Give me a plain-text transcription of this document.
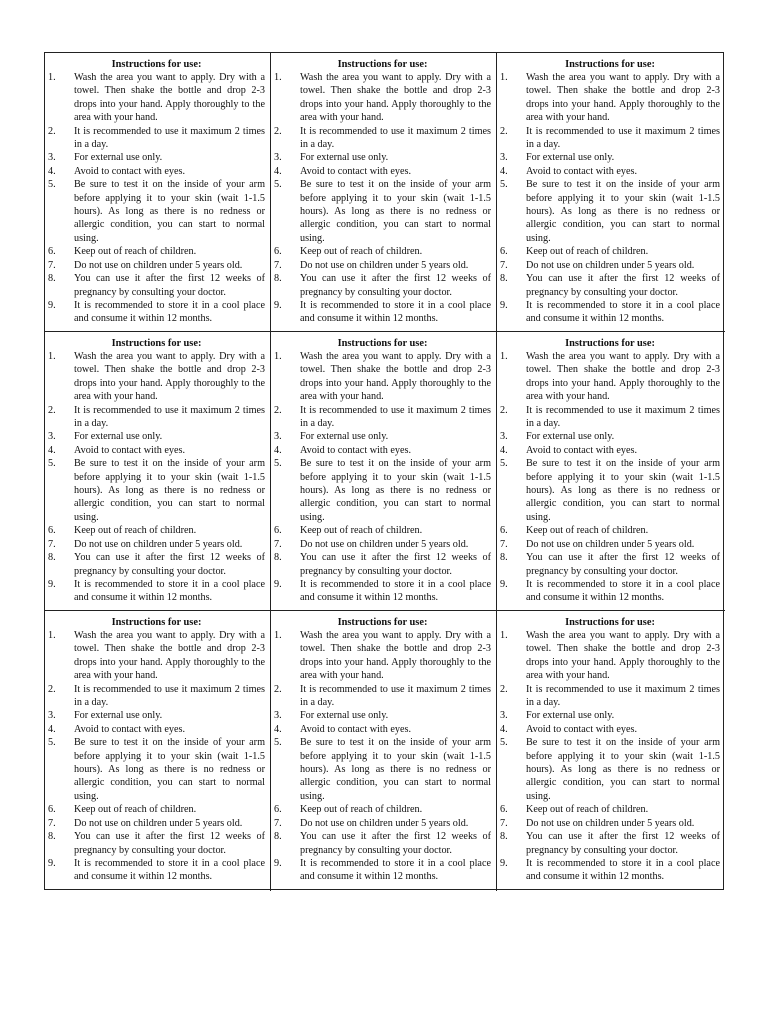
Instructions for use:
1.	Wash the area you want to apply. Dry with a towel. Then shake the bottle and drop 2-3 drops into your hand. Apply thoroughly to the area with your hand.
2.	It is recommended to use it maximum 2 times in a day.
3.	For external use only.
4.	Avoid to contact with eyes.
5.	Be sure to test it on the inside of your arm before applying it to your skin (wait 1-1.5 hours). As long as there is no redness or allergic condition, you can start to normal using.
6.	Keep out of reach of children.
7.	Do not use on children under 5 years old.
8.	You can use it after the first 12 weeks of pregnancy by consulting your doctor.
9.	It is recommended to store it in a cool place and consume it within 12 months.
Instructions for use:
1.	Wash the area you want to apply. Dry with a towel. Then shake the bottle and drop 2-3 drops into your hand. Apply thoroughly to the area with your hand.
2.	It is recommended to use it maximum 2 times in a day.
3.	For external use only.
4.	Avoid to contact with eyes.
5.	Be sure to test it on the inside of your arm before applying it to your skin (wait 1-1.5 hours). As long as there is no redness or allergic condition, you can start to normal using.
6.	Keep out of reach of children.
7.	Do not use on children under 5 years old.
8.	You can use it after the first 12 weeks of pregnancy by consulting your doctor.
9.	It is recommended to store it in a cool place and consume it within 12 months.
Instructions for use:
1.	Wash the area you want to apply. Dry with a towel. Then shake the bottle and drop 2-3 drops into your hand. Apply thoroughly to the area with your hand.
2.	It is recommended to use it maximum 2 times in a day.
3.	For external use only.
4.	Avoid to contact with eyes.
5.	Be sure to test it on the inside of your arm before applying it to your skin (wait 1-1.5 hours). As long as there is no redness or allergic condition, you can start to normal using.
6.	Keep out of reach of children.
7.	Do not use on children under 5 years old.
8.	You can use it after the first 12 weeks of pregnancy by consulting your doctor.
9.	It is recommended to store it in a cool place and consume it within 12 months.
Instructions for use:
1.	Wash the area you want to apply. Dry with a towel. Then shake the bottle and drop 2-3 drops into your hand. Apply thoroughly to the area with your hand.
2.	It is recommended to use it maximum 2 times in a day.
3.	For external use only.
4.	Avoid to contact with eyes.
5.	Be sure to test it on the inside of your arm before applying it to your skin (wait 1-1.5 hours). As long as there is no redness or allergic condition, you can start to normal using.
6.	Keep out of reach of children.
7.	Do not use on children under 5 years old.
8.	You can use it after the first 12 weeks of pregnancy by consulting your doctor.
9.	It is recommended to store it in a cool place and consume it within 12 months.
Instructions for use:
1.	Wash the area you want to apply. Dry with a towel. Then shake the bottle and drop 2-3 drops into your hand. Apply thoroughly to the area with your hand.
2.	It is recommended to use it maximum 2 times in a day.
3.	For external use only.
4.	Avoid to contact with eyes.
5.	Be sure to test it on the inside of your arm before applying it to your skin (wait 1-1.5 hours). As long as there is no redness or allergic condition, you can start to normal using.
6.	Keep out of reach of children.
7.	Do not use on children under 5 years old.
8.	You can use it after the first 12 weeks of pregnancy by consulting your doctor.
9.	It is recommended to store it in a cool place and consume it within 12 months.
Instructions for use:
1.	Wash the area you want to apply. Dry with a towel. Then shake the bottle and drop 2-3 drops into your hand. Apply thoroughly to the area with your hand.
2.	It is recommended to use it maximum 2 times in a day.
3.	For external use only.
4.	Avoid to contact with eyes.
5.	Be sure to test it on the inside of your arm before applying it to your skin (wait 1-1.5 hours). As long as there is no redness or allergic condition, you can start to normal using.
6.	Keep out of reach of children.
7.	Do not use on children under 5 years old.
8.	You can use it after the first 12 weeks of pregnancy by consulting your doctor.
9.	It is recommended to store it in a cool place and consume it within 12 months.
Instructions for use:
1.	Wash the area you want to apply. Dry with a towel. Then shake the bottle and drop 2-3 drops into your hand. Apply thoroughly to the area with your hand.
2.	It is recommended to use it maximum 2 times in a day.
3.	For external use only.
4.	Avoid to contact with eyes.
5.	Be sure to test it on the inside of your arm before applying it to your skin (wait 1-1.5 hours). As long as there is no redness or allergic condition, you can start to normal using.
6.	Keep out of reach of children.
7.	Do not use on children under 5 years old.
8.	You can use it after the first 12 weeks of pregnancy by consulting your doctor.
9.	It is recommended to store it in a cool place and consume it within 12 months.
Instructions for use:
1.	Wash the area you want to apply. Dry with a towel. Then shake the bottle and drop 2-3 drops into your hand. Apply thoroughly to the area with your hand.
2.	It is recommended to use it maximum 2 times in a day.
3.	For external use only.
4.	Avoid to contact with eyes.
5.	Be sure to test it on the inside of your arm before applying it to your skin (wait 1-1.5 hours). As long as there is no redness or allergic condition, you can start to normal using.
6.	Keep out of reach of children.
7.	Do not use on children under 5 years old.
8.	You can use it after the first 12 weeks of pregnancy by consulting your doctor.
9.	It is recommended to store it in a cool place and consume it within 12 months.
Instructions for use:
1.	Wash the area you want to apply. Dry with a towel. Then shake the bottle and drop 2-3 drops into your hand. Apply thoroughly to the area with your hand.
2.	It is recommended to use it maximum 2 times in a day.
3.	For external use only.
4.	Avoid to contact with eyes.
5.	Be sure to test it on the inside of your arm before applying it to your skin (wait 1-1.5 hours). As long as there is no redness or allergic condition, you can start to normal using.
6.	Keep out of reach of children.
7.	Do not use on children under 5 years old.
8.	You can use it after the first 12 weeks of pregnancy by consulting your doctor.
9.	It is recommended to store it in a cool place and consume it within 12 months.
